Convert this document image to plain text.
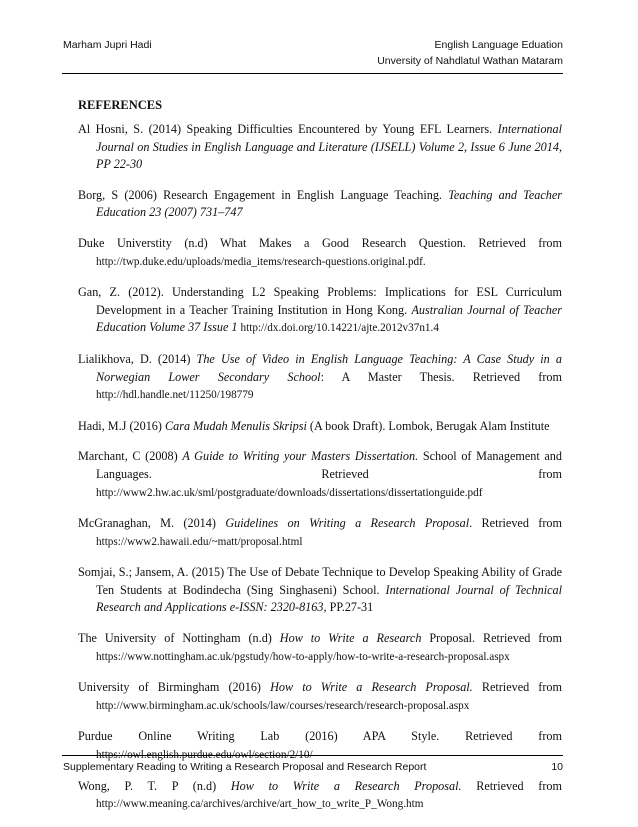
Marham Jupri Hadi	English Language Eduation
Unversity of Nahdlatul Wathan Mataram
REFERENCES

Al Hosni, S. (2014) Speaking Difficulties Encountered by Young EFL Learners. International Journal on Studies in English Language and Literature (IJSELL) Volume 2, Issue 6 June 2014, PP 22-30

Borg, S (2006) Research Engagement in English Language Teaching. Teaching and Teacher Education 23 (2007) 731–747

Duke Universtity (n.d) What Makes a Good Research Question. Retrieved from http://twp.duke.edu/uploads/media_items/research-questions.original.pdf.

Gan, Z. (2012). Understanding L2 Speaking Problems: Implications for ESL Curriculum Development in a Teacher Training Institution in Hong Kong. Australian Journal of Teacher Education Volume 37 Issue 1 http://dx.doi.org/10.14221/ajte.2012v37n1.4

Lialikhova, D. (2014) The Use of Video in English Language Teaching: A Case Study in a Norwegian Lower Secondary School: A Master Thesis. Retrieved from http://hdl.handle.net/11250/198779

Hadi, M.J (2016) Cara Mudah Menulis Skripsi (A book Draft). Lombok, Berugak Alam Institute

Marchant, C (2008) A Guide to Writing your Masters Dissertation. School of Management and Languages. Retrieved from http://www2.hw.ac.uk/sml/postgraduate/downloads/dissertations/dissertationguide.pdf

McGranaghan, M. (2014) Guidelines on Writing a Research Proposal. Retrieved from https://www2.hawaii.edu/~matt/proposal.html

Somjai, S.; Jansem, A. (2015) The Use of Debate Technique to Develop Speaking Ability of Grade Ten Students at Bodindecha (Sing Singhaseni) School. International Journal of Technical Research and Applications e-ISSN: 2320-8163, PP.27-31

The University of Nottingham (n.d) How to Write a Research Proposal. Retrieved from https://www.nottingham.ac.uk/pgstudy/how-to-apply/how-to-write-a-research-proposal.aspx

University of Birmingham (2016) How to Write a Research Proposal. Retrieved from http://www.birmingham.ac.uk/schools/law/courses/research/research-proposal.aspx

Purdue Online Writing Lab (2016) APA Style. Retrieved from https://owl.english.purdue.edu/owl/section/2/10/

Wong, P. T. P (n.d) How to Write a Research Proposal. Retrieved from http://www.meaning.ca/archives/archive/art_how_to_write_P_Wong.htm

Supplementary Reading to Writing a Research Proposal and Research Report	10
